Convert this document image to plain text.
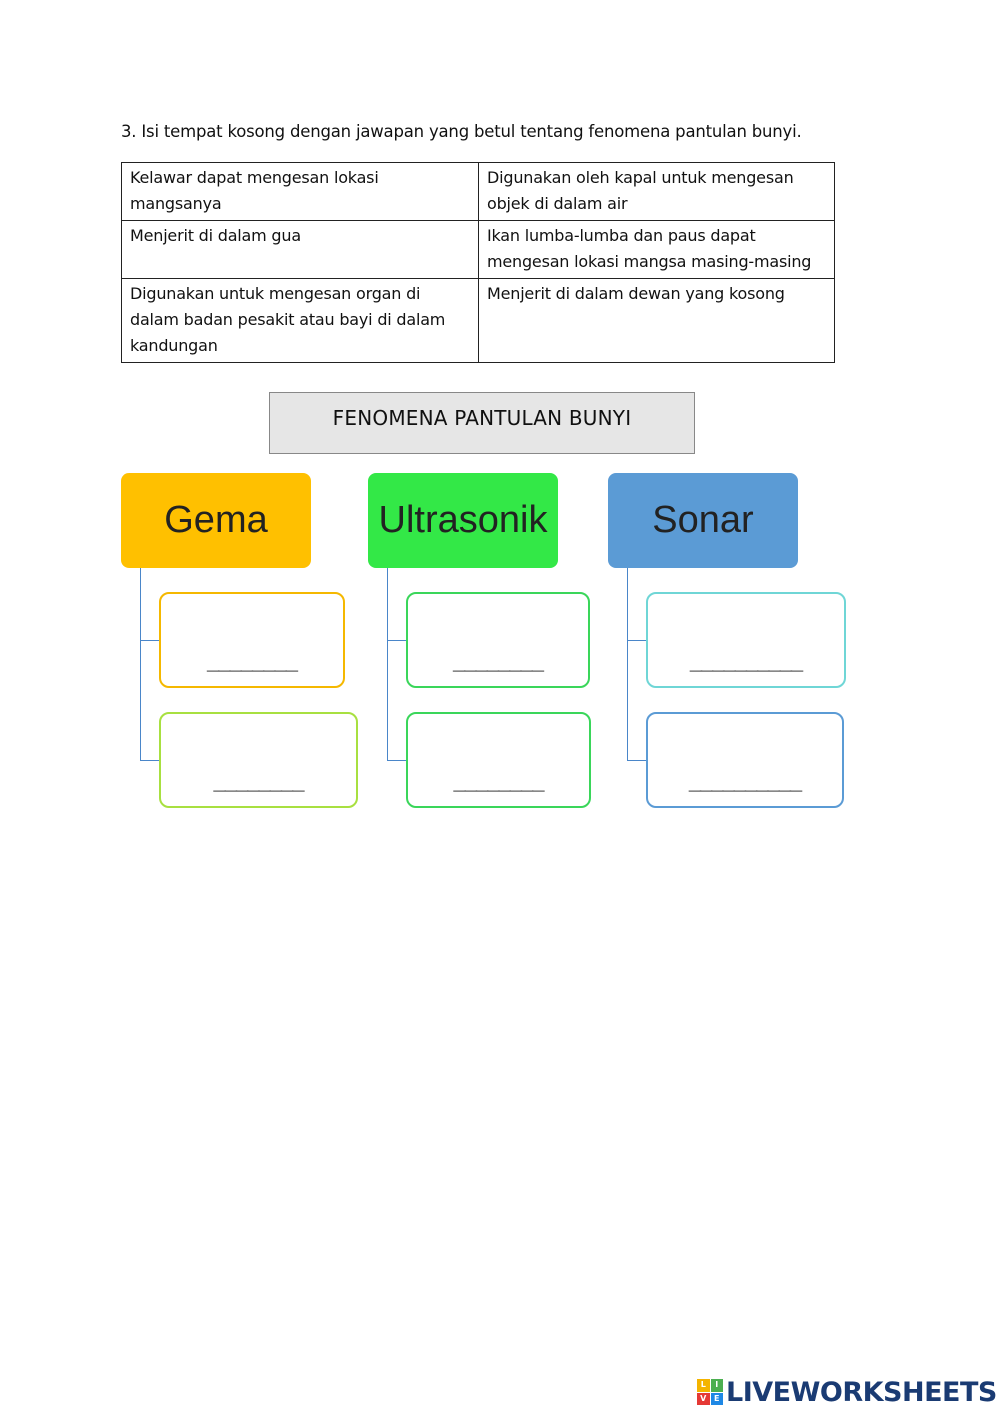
3. Isi tempat kosong dengan jawapan yang betul tentang fenomena pantulan bunyi.
Kelawar dapat mengesan lokasi mangsanya	Digunakan oleh kapal untuk mengesan objek di dalam air
Menjerit di dalam gua	Ikan lumba-lumba dan paus dapat mengesan lokasi mangsa masing-masing
Digunakan untuk mengesan organ di dalam badan pesakit atau bayi di dalam kandungan	Menjerit di dalam dewan yang kosong
FENOMENA PANTULAN BUNYI
Gema
________
________
Ultrasonik
________
________
Sonar
__________
__________
L	I
V E LIVEWORKSHEETS
